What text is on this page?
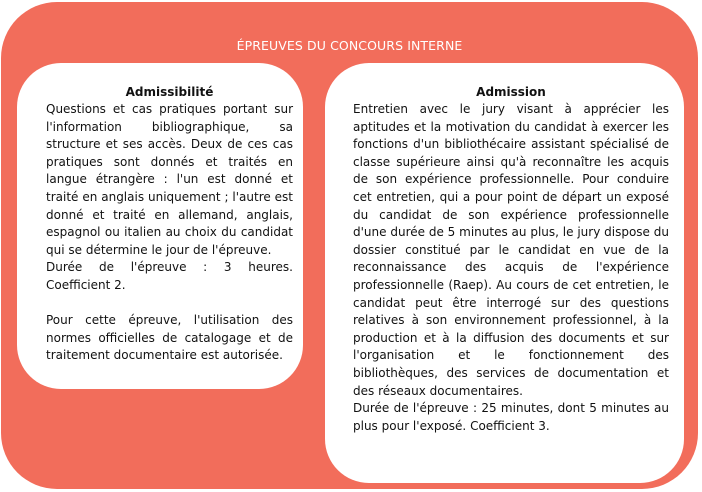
ÉPREUVES DU CONCOURS INTERNE
Admissibilité

Questions et cas pratiques portant sur l'information bibliographique, sa structure et ses accès. Deux de ces cas pratiques sont donnés et traités en langue étrangère : l'un est donné et traité en anglais uniquement ; l'autre est donné et traité en allemand, anglais, espagnol ou italien au choix du candidat qui se détermine le jour de l'épreuve.

Durée de l'épreuve : 3 heures. Coefficient 2.

Pour cette épreuve, l'utilisation des normes officielles de catalogage et de traitement documentaire est autorisée.

Admission

Entretien avec le jury visant à apprécier les aptitudes et la motivation du candidat à exercer les fonctions d'un bibliothécaire assistant spécialisé de classe supérieure ainsi qu'à reconnaître les acquis de son expérience professionnelle. Pour conduire cet entretien, qui a pour point de départ un exposé du candidat de son expérience professionnelle d'une durée de 5 minutes au plus, le jury dispose du dossier constitué par le candidat en vue de la reconnaissance des acquis de l'expérience professionnelle (Raep). Au cours de cet entretien, le candidat peut être interrogé sur des questions relatives à son environnement professionnel, à la production et à la diffusion des documents et sur l'organisation et le fonctionnement des bibliothèques, des services de documentation et des réseaux documentaires.

Durée de l'épreuve : 25 minutes, dont 5 minutes au plus pour l'exposé. Coefficient 3.
